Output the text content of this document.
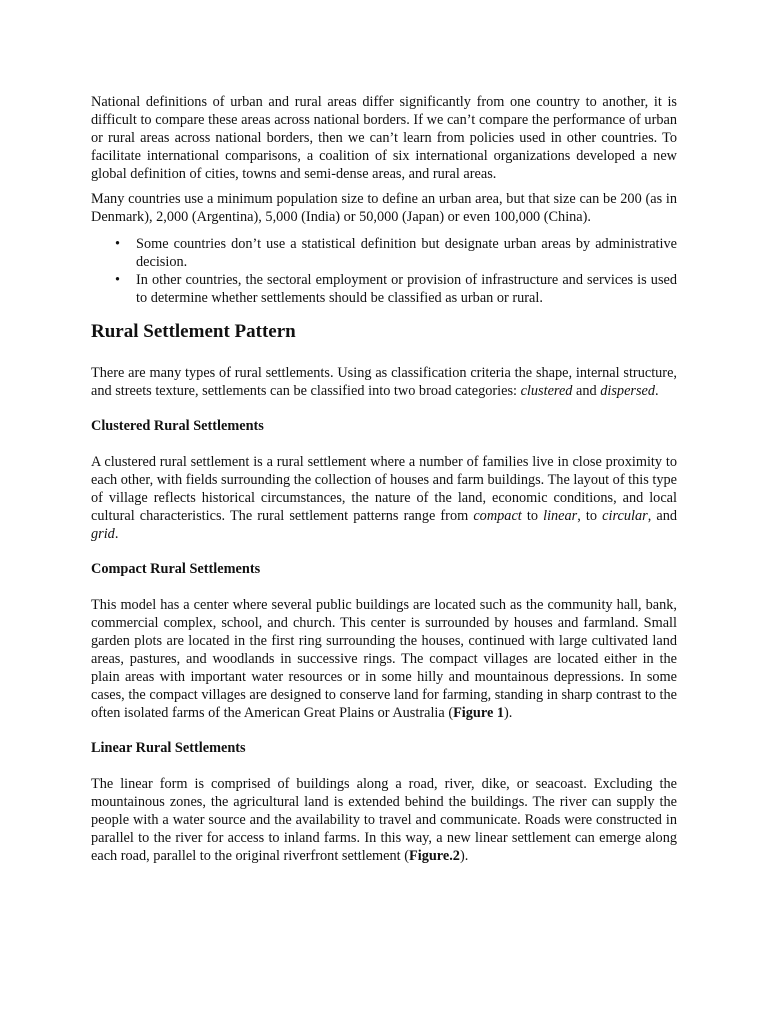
National definitions of urban and rural areas differ significantly from one country to another, it is difficult to compare these areas across national borders. If we can’t compare the performance of urban or rural areas across national borders, then we can’t learn from policies used in other countries. To facilitate international comparisons, a coalition of six international organizations developed a new global definition of cities, towns and semi-dense areas, and rural areas.

Many countries use a minimum population size to define an urban area, but that size can be 200 (as in Denmark), 2,000 (Argentina), 5,000 (India) or 50,000 (Japan) or even 100,000 (China).

• Some countries don’t use a statistical definition but designate urban areas by administrative decision.
• In other countries, the sectoral employment or provision of infrastructure and services is used to determine whether settlements should be classified as urban or rural.
Rural Settlement Pattern

There are many types of rural settlements. Using as classification criteria the shape, internal structure, and streets texture, settlements can be classified into two broad categories: clustered and dispersed.

Clustered Rural Settlements

A clustered rural settlement is a rural settlement where a number of families live in close proximity to each other, with fields surrounding the collection of houses and farm buildings. The layout of this type of village reflects historical circumstances, the nature of the land, economic conditions, and local cultural characteristics. The rural settlement patterns range from compact to linear, to circular, and grid.

Compact Rural Settlements

This model has a center where several public buildings are located such as the community hall, bank, commercial complex, school, and church. This center is surrounded by houses and farmland. Small garden plots are located in the first ring surrounding the houses, continued with large cultivated land areas, pastures, and woodlands in successive rings. The compact villages are located either in the plain areas with important water resources or in some hilly and mountainous depressions. In some cases, the compact villages are designed to conserve land for farming, standing in sharp contrast to the often isolated farms of the American Great Plains or Australia (Figure 1).

Linear Rural Settlements

The linear form is comprised of buildings along a road, river, dike, or seacoast. Excluding the mountainous zones, the agricultural land is extended behind the buildings. The river can supply the people with a water source and the availability to travel and communicate. Roads were constructed in parallel to the river for access to inland farms. In this way, a new linear settlement can emerge along each road, parallel to the original riverfront settlement (Figure.2).
